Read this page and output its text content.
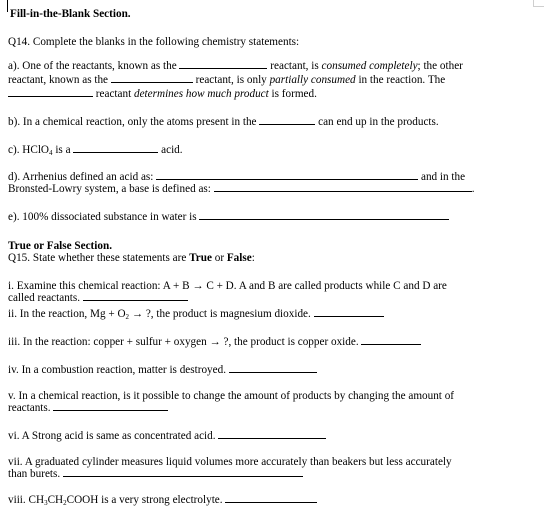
Fill-in-the-Blank Section.

Q14. Complete the blanks in the following chemistry statements:

a). One of the reactants, known as the	reactant, is consumed completely; the other

reactant, known as the	reactant, is only partially consumed in the reaction. The

reactant determines how much product is formed.

b). In a chemical reaction, only the atoms present in the	can end up in the products.

c). HClO$_4$ is a	acid.

d). Arrhenius defined an acid as:	and in the

Bronsted-Lowry system, a base is defined as:	.

e). 100% dissociated substance in water is

True or False Section.

Q15. State whether these statements are True or False:

i. Examine this chemical reaction: A + B → C + D. A and B are called products while C and D are

called reactants.

ii. In the reaction, $Mg + O_2$ → ?, the product is magnesium dioxide.

iii. In the reaction: copper + sulfur + oxygen → ?, the product is copper oxide.

iv. In a combustion reaction, matter is destroyed.

v. In a chemical reaction, is it possible to change the amount of products by changing the amount of

reactants.

vi. A Strong acid is same as concentrated acid.

vii. A graduated cylinder measures liquid volumes more accurately than beakers but less accurately

than burets.

viii. $CH_3CH_2COOH$ is a very strong electrolyte.
